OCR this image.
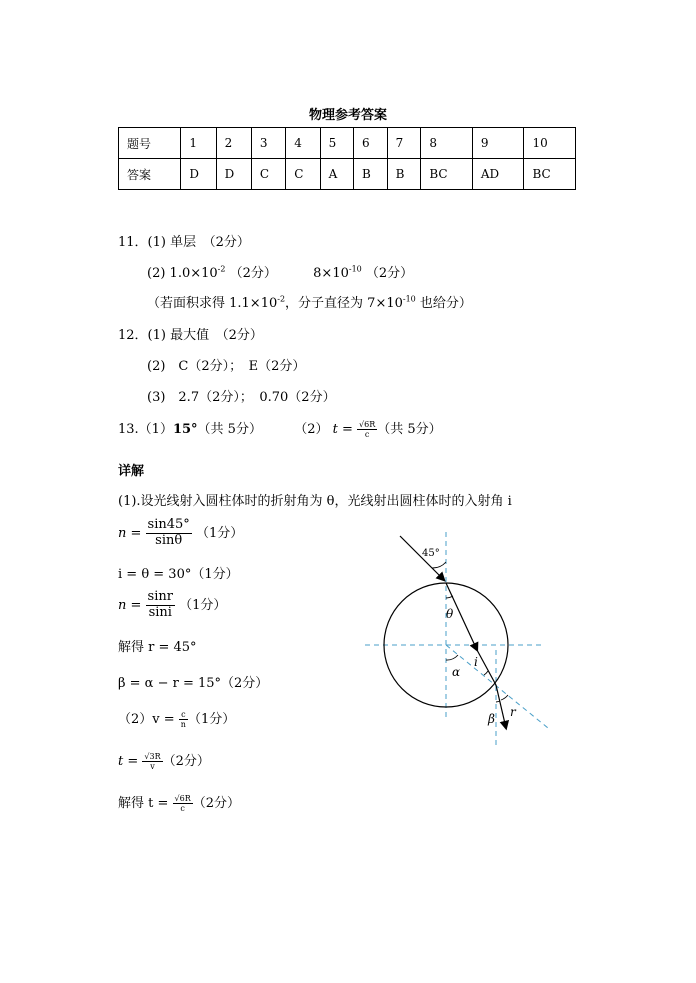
物理参考答案
题号	1	2	3	4	5	6	7	8	9	10
答案	D	D	C	C	A	B	B	BC	AD	BC
11．(1) 单层　（2分）
(2) $1.0\times 10^{-2}$ （2分）	$8\times 10^{-10}$ （2分）
（若面积求得 $1.1\times 10^{-2}$，分子直径为 $7\times 10^{-10}$ 也给分）
12．(1) 最大值　（2分）
(2)　C（2分）；　E（2分）
(3)　2.7（2分）；　0.70（2分）
13.（1）15°（共 5分） （2） $t = \frac{√6R}{c}$ （共 5分）
详解
(1).设光线射入圆柱体时的折射角为 θ，光线射出圆柱体时的入射角 i
$n = \frac{\sin 45^\circ}{\sin\theta} (1$分）
i = θ = 30°（1分）
$n = \frac{\sin r}{\sin i} (1$分）
解得 r = 45°
β = α − r = 15°（2分）
$(2)v = \frac{c}{n} (1$分）
$t = \frac{√3R}{v} (2$分）
解得 $t = \frac{√6R}{c} (2$分）
45°
θ
i
α
β r
